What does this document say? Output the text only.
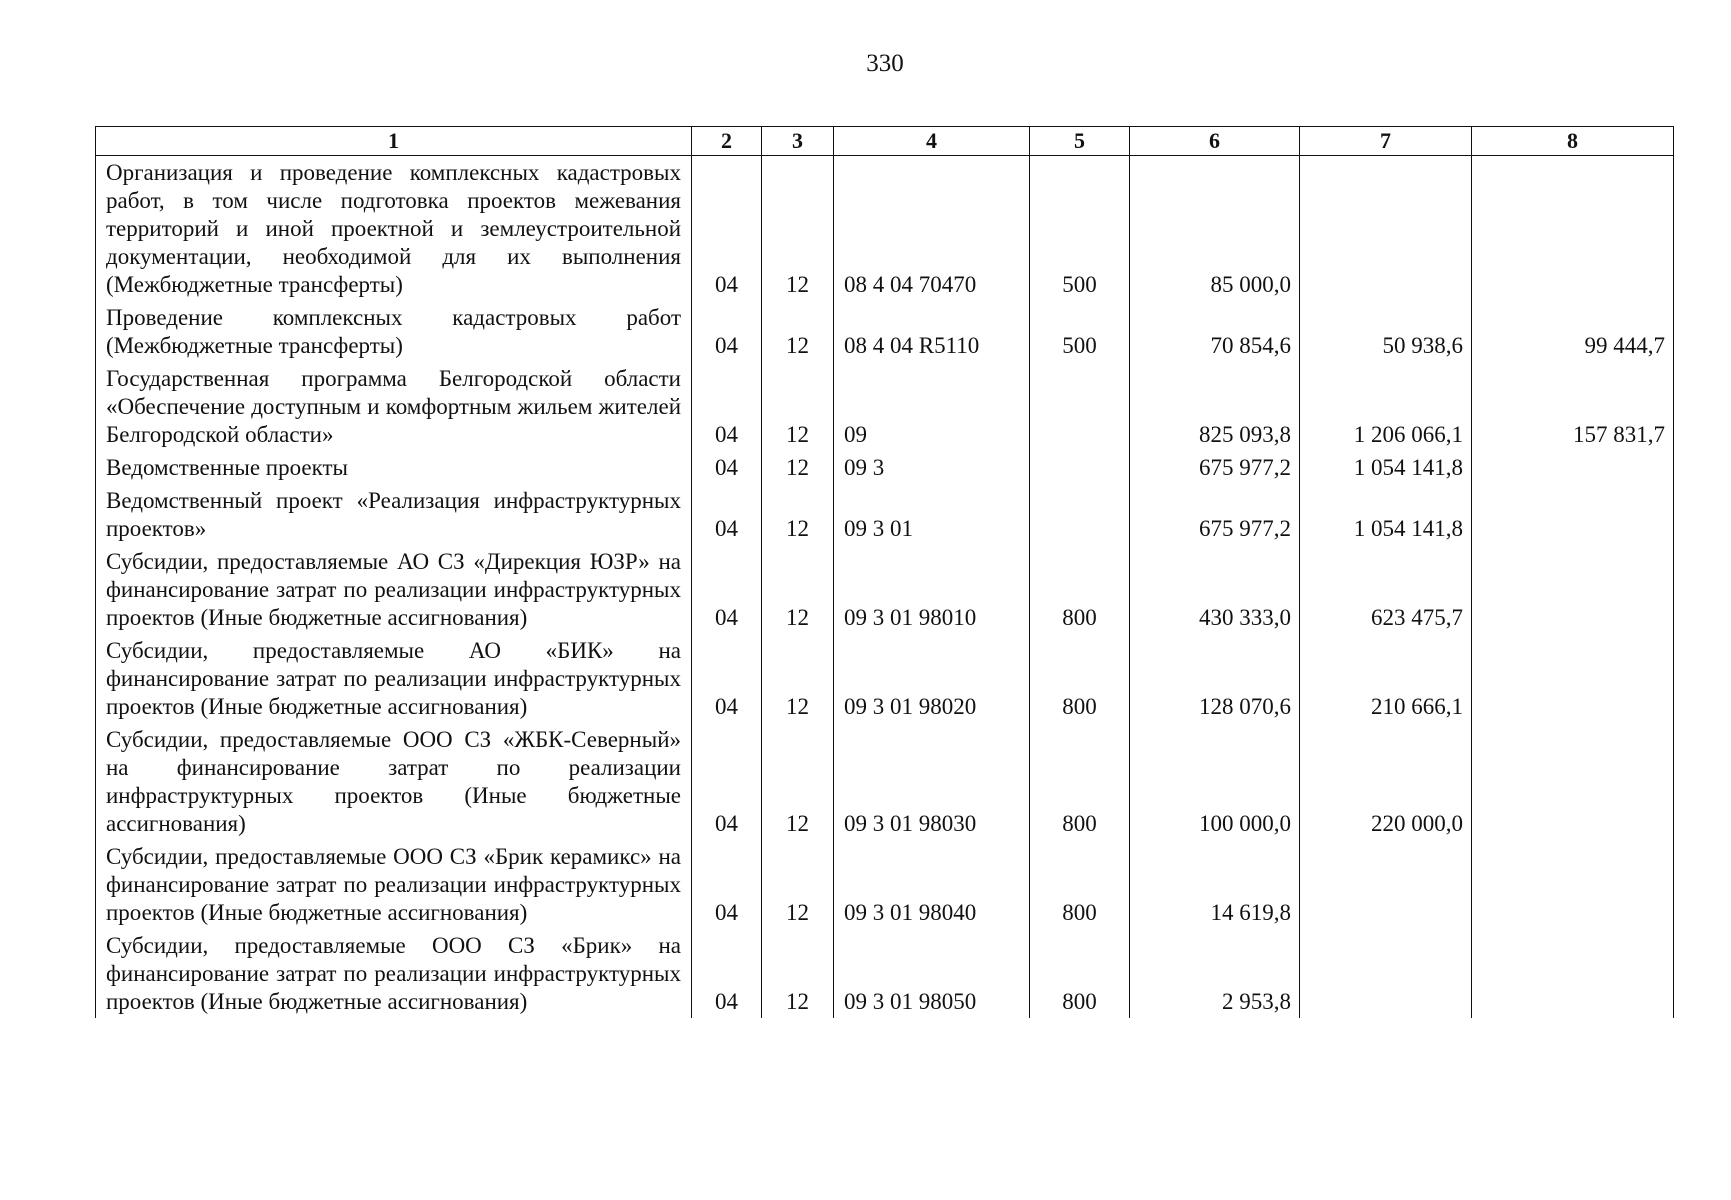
330
1	2	3	4	5	6	7	8
Организация и проведение комплексных кадастровых работ, в том числе подготовка проектов межевания территорий и иной проектной и землеустроительной документации, необходимой для их выполнения (Межбюджетные трансферты)	04	12	08 4 04 70470	500	85 000,0		
Проведение комплексных кадастровых работ (Межбюджетные трансферты)	04	12	08 4 04 R5110	500	70 854,6	50 938,6	99 444,7
Государственная программа Белгородской области «Обеспечение доступным и комфортным жильем жителей Белгородской области»	04	12	09		825 093,8	1 206 066,1	157 831,7
Ведомственные проекты	04	12	09 3		675 977,2	1 054 141,8	
Ведомственный проект «Реализация инфраструктурных проектов»	04	12	09 3 01		675 977,2	1 054 141,8	
Субсидии, предоставляемые АО СЗ «Дирекция ЮЗР» на финансирование затрат по реализации инфраструктурных проектов (Иные бюджетные ассигнования)	04	12	09 3 01 98010	800	430 333,0	623 475,7	
Субсидии, предоставляемые АО «БИК» на финансирование затрат по реализации инфраструктурных проектов (Иные бюджетные ассигнования)	04	12	09 3 01 98020	800	128 070,6	210 666,1	
Субсидии, предоставляемые ООО СЗ «ЖБК-Северный» на финансирование затрат по реализации инфраструктурных проектов (Иные бюджетные ассигнования)	04	12	09 3 01 98030	800	100 000,0	220 000,0	
Субсидии, предоставляемые ООО СЗ «Брик керамикс» на финансирование затрат по реализации инфраструктурных проектов (Иные бюджетные ассигнования)	04	12	09 3 01 98040	800	14 619,8		
Субсидии, предоставляемые ООО СЗ «Брик» на финансирование затрат по реализации инфраструктурных проектов (Иные бюджетные ассигнования)	04	12	09 3 01 98050	800	2 953,8		
